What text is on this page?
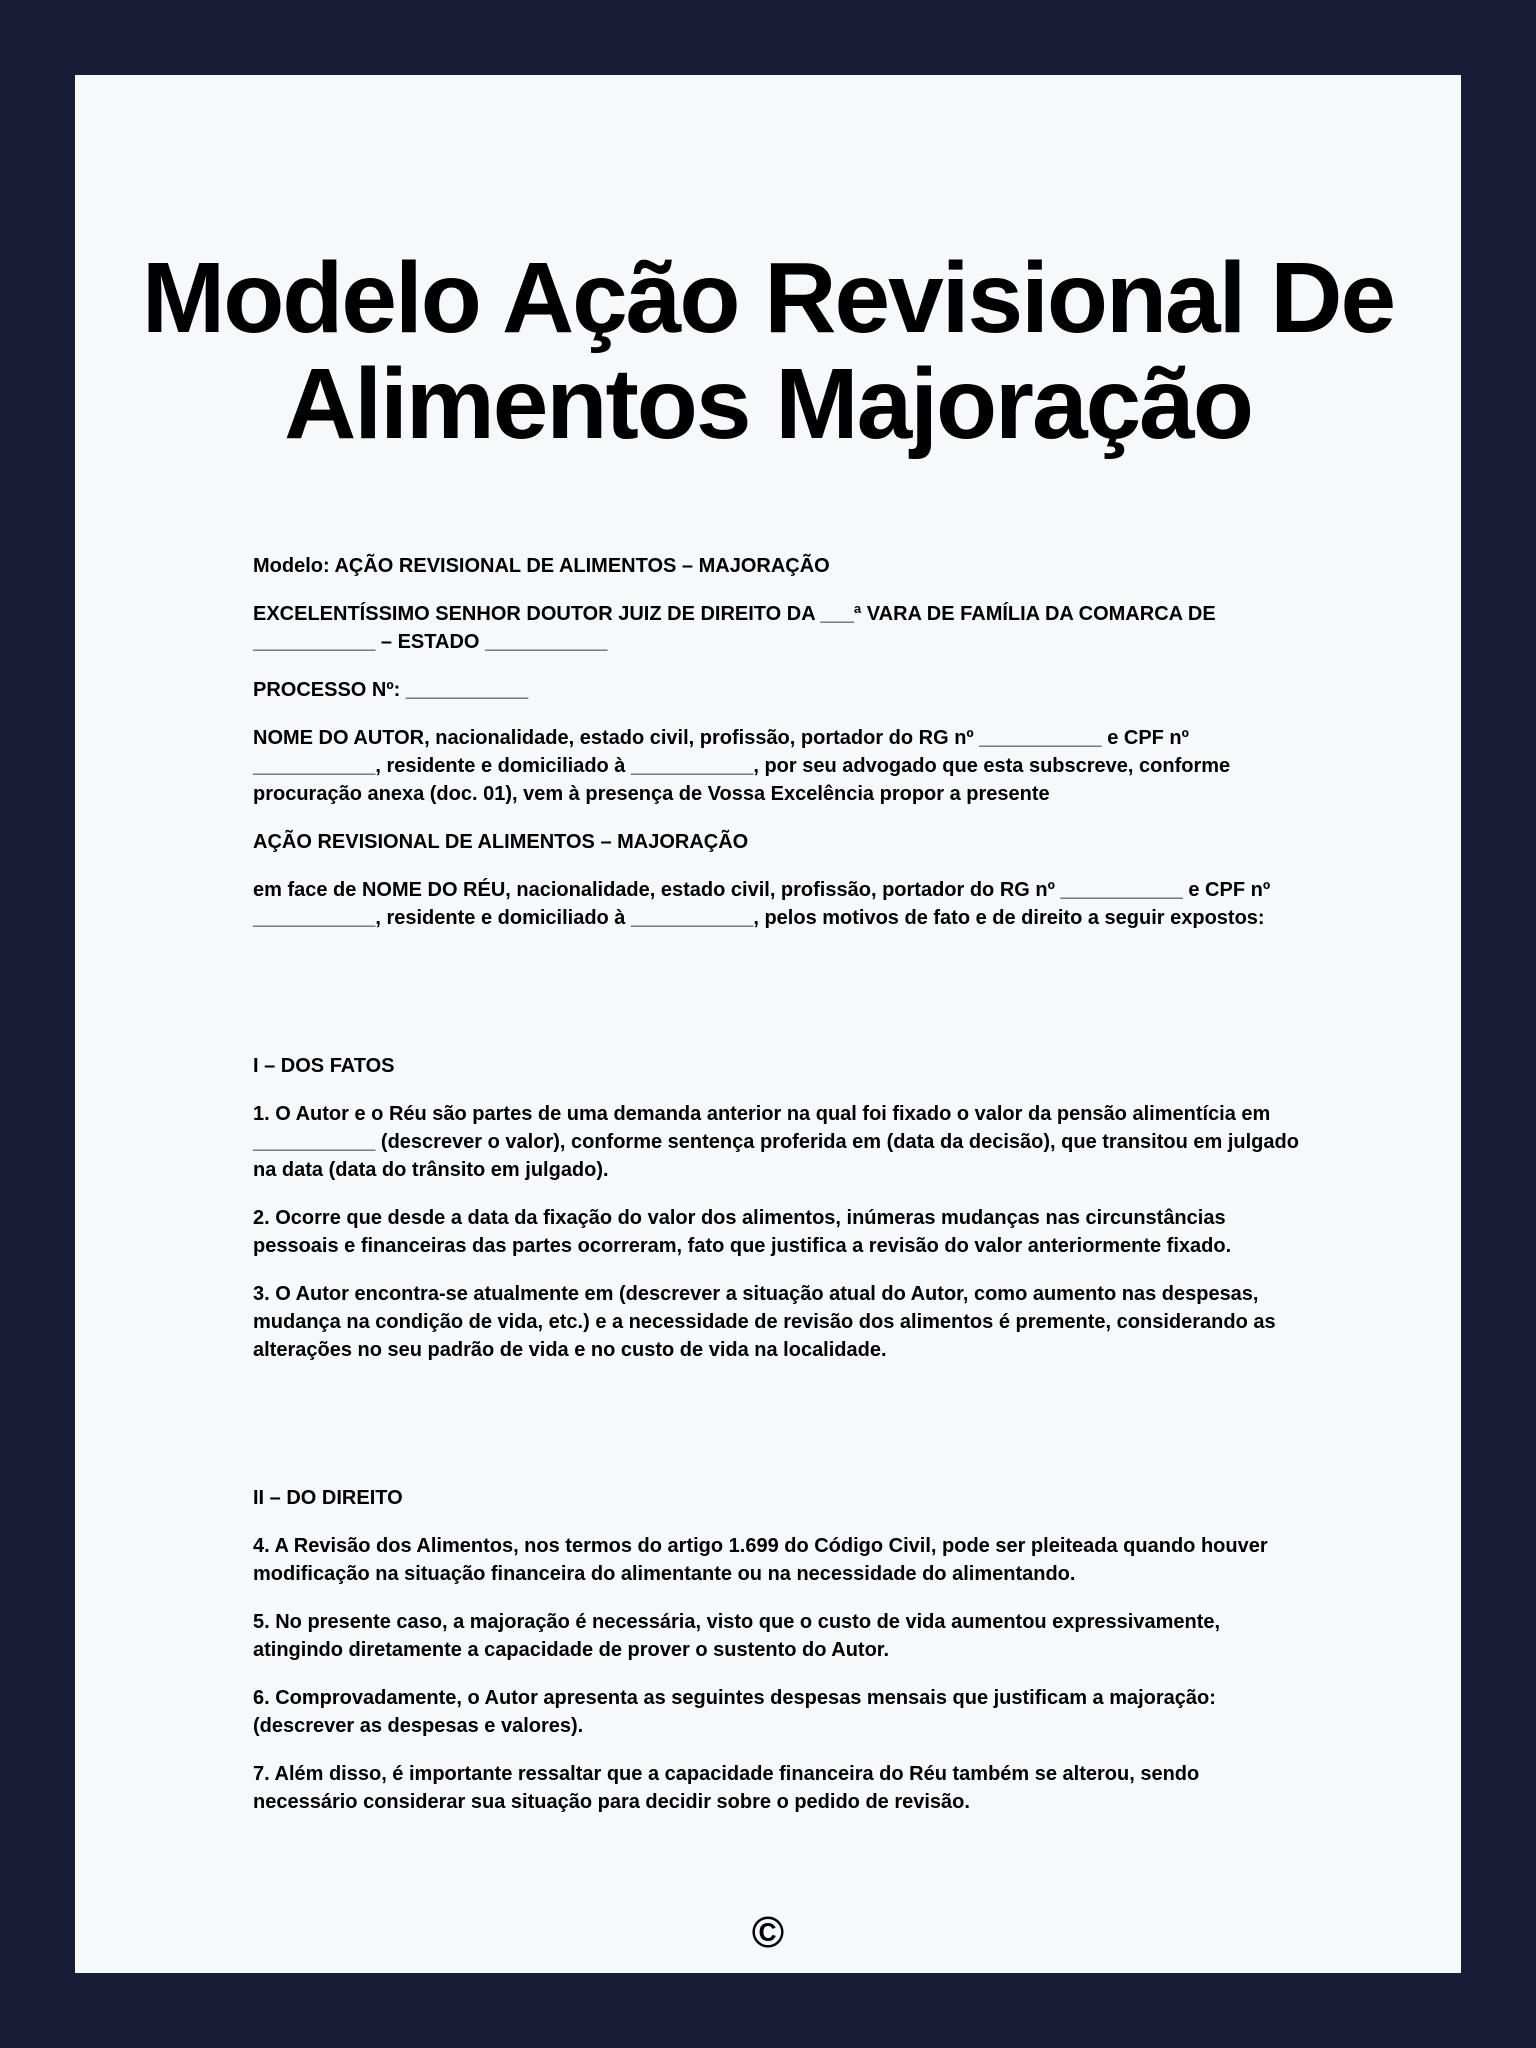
Modelo Ação Revisional De Alimentos Majoração

Modelo: AÇÃO REVISIONAL DE ALIMENTOS – MAJORAÇÃO

EXCELENTÍSSIMO SENHOR DOUTOR JUIZ DE DIREITO DA ___ª VARA DE FAMÍLIA DA COMARCA DE ___________ – ESTADO ___________

PROCESSO Nº: ___________

NOME DO AUTOR, nacionalidade, estado civil, profissão, portador do RG nº ___________ e CPF nº ___________, residente e domiciliado à ___________, por seu advogado que esta subscreve, conforme procuração anexa (doc. 01), vem à presença de Vossa Excelência propor a presente

AÇÃO REVISIONAL DE ALIMENTOS – MAJORAÇÃO

em face de NOME DO RÉU, nacionalidade, estado civil, profissão, portador do RG nº ___________ e CPF nº ___________, residente e domiciliado à ___________, pelos motivos de fato e de direito a seguir expostos:

I – DOS FATOS

1. O Autor e o Réu são partes de uma demanda anterior na qual foi fixado o valor da pensão alimentícia em ___________ (descrever o valor), conforme sentença proferida em (data da decisão), que transitou em julgado na data (data do trânsito em julgado).

2. Ocorre que desde a data da fixação do valor dos alimentos, inúmeras mudanças nas circunstâncias pessoais e financeiras das partes ocorreram, fato que justifica a revisão do valor anteriormente fixado.

3. O Autor encontra-se atualmente em (descrever a situação atual do Autor, como aumento nas despesas, mudança na condição de vida, etc.) e a necessidade de revisão dos alimentos é premente, considerando as alterações no seu padrão de vida e no custo de vida na localidade.

II – DO DIREITO

4. A Revisão dos Alimentos, nos termos do artigo 1.699 do Código Civil, pode ser pleiteada quando houver modificação na situação financeira do alimentante ou na necessidade do alimentando.

5. No presente caso, a majoração é necessária, visto que o custo de vida aumentou expressivamente, atingindo diretamente a capacidade de prover o sustento do Autor.

6. Comprovadamente, o Autor apresenta as seguintes despesas mensais que justificam a majoração: (descrever as despesas e valores).

7. Além disso, é importante ressaltar que a capacidade financeira do Réu também se alterou, sendo necessário considerar sua situação para decidir sobre o pedido de revisão.

©
